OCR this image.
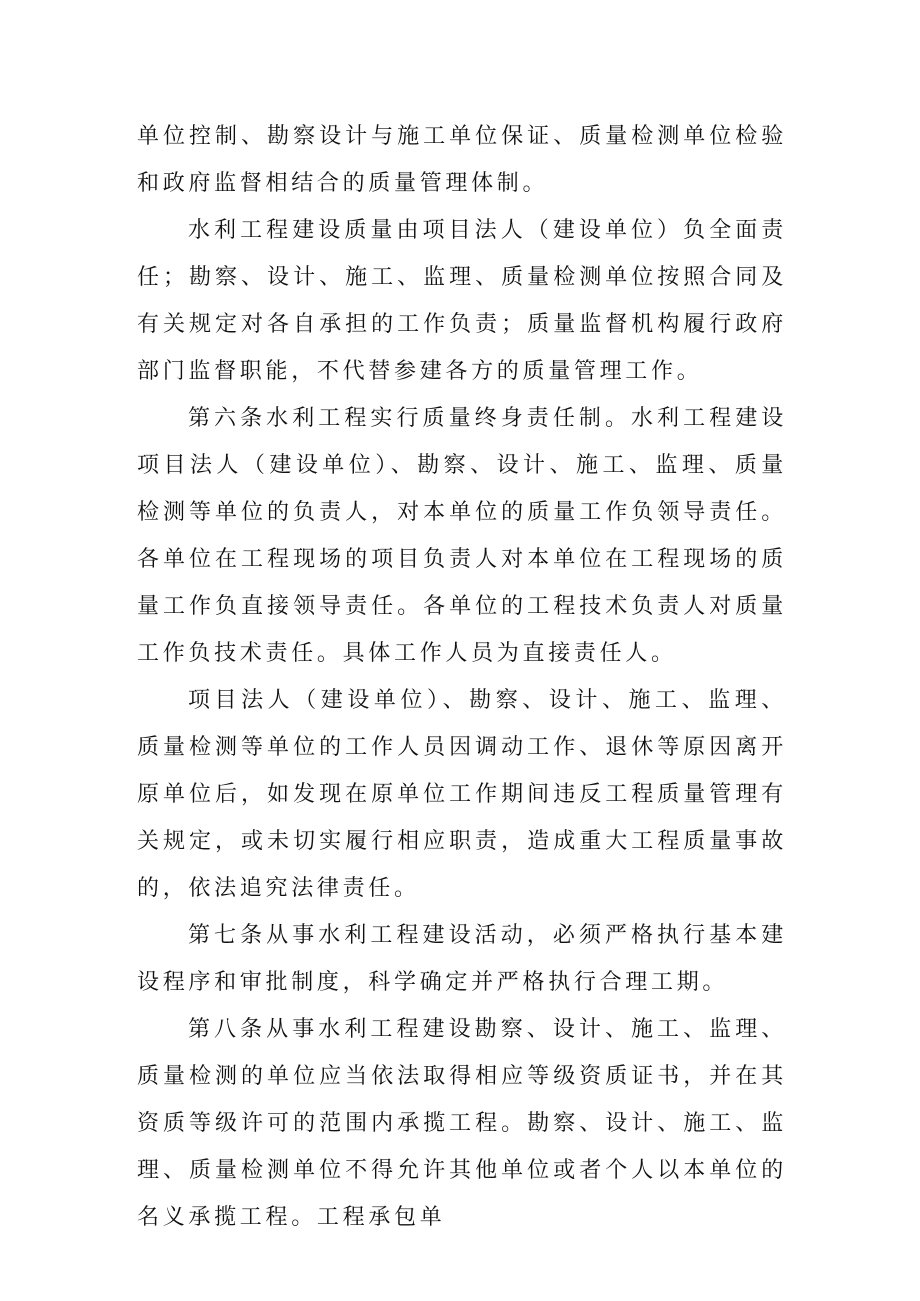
单位控制、勘察设计与施工单位保证、质量检测单位检验和政府监督相结合的质量管理体制。

水利工程建设质量由项目法人（建设单位）负全面责任；勘察、设计、施工、监理、质量检测单位按照合同及有关规定对各自承担的工作负责；质量监督机构履行政府部门监督职能，不代替参建各方的质量管理工作。

第六条水利工程实行质量终身责任制。水利工程建设项目法人（建设单位）、勘察、设计、施工、监理、质量检测等单位的负责人，对本单位的质量工作负领导责任。各单位在工程现场的项目负责人对本单位在工程现场的质量工作负直接领导责任。各单位的工程技术负责人对质量工作负技术责任。具体工作人员为直接责任人。

项目法人（建设单位）、勘察、设计、施工、监理、质量检测等单位的工作人员因调动工作、退休等原因离开原单位后，如发现在原单位工作期间违反工程质量管理有关规定，或未切实履行相应职责，造成重大工程质量事故的，依法追究法律责任。

第七条从事水利工程建设活动，必须严格执行基本建设程序和审批制度，科学确定并严格执行合理工期。

第八条从事水利工程建设勘察、设计、施工、监理、质量检测的单位应当依法取得相应等级资质证书，并在其资质等级许可的范围内承揽工程。勘察、设计、施工、监理、质量检测单位不得允许其他单位或者个人以本单位的名义承揽工程。工程承包单
